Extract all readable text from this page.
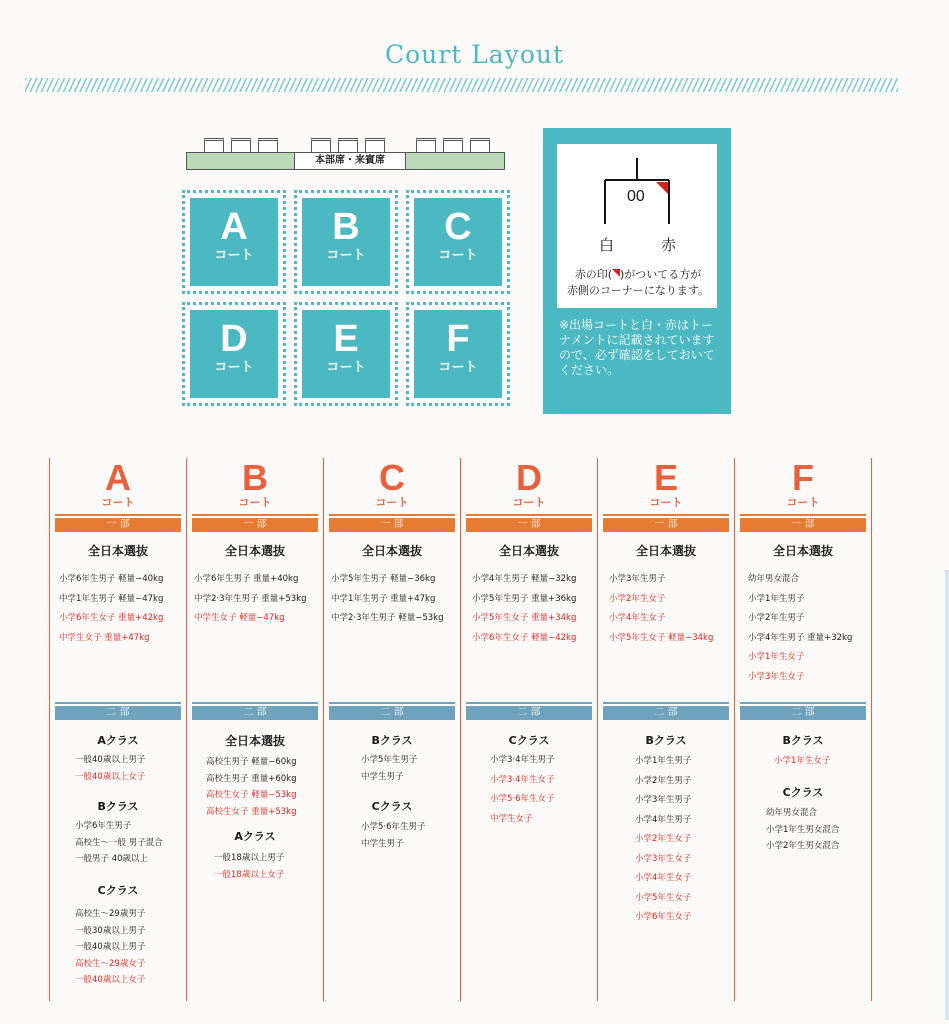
Court Layout
本部席・来賓席
A
コート
B
コート
C
コート
D
コート
E
コート
F
コート
00
白	赤
赤の印( )がついてる方が
赤側のコーナーになります。
※出場コートと白・赤はトーナメントに記載されていますので、必ず確認をしておいてください。
A
コート
一 部
全日本選抜
小学6年生男子 軽量−40kg
中学1年生男子 軽量−47kg
小学6年生女子 重量+42kg
中学生女子 重量+47kg
二 部
Aクラス
一般40歳以上男子
一般40歳以上女子
Bクラス
小学6年生男子
高校生〜一般 男子混合
一般男子 40歳以上
Cクラス
高校生〜29歳男子
一般30歳以上男子
一般40歳以上男子
高校生〜29歳女子
一般40歳以上女子
B
コート
一 部
全日本選抜
小学6年生男子 重量+40kg
中学2·3年生男子 重量+53kg
中学生女子 軽量−47kg
二 部
全日本選抜
高校生男子 軽量−60kg
高校生男子 重量+60kg
高校生女子 軽量−53kg
高校生女子 重量+53kg
Aクラス
一般18歳以上男子
一般18歳以上女子
C
コート
一 部
全日本選抜
小学5年生男子 軽量−36kg
中学1年生男子 重量+47kg
中学2·3年生男子 軽量−53kg
二 部
Bクラス
小学5年生男子
中学生男子
Cクラス
小学5·6年生男子
中学生男子
D
コート
一 部
全日本選抜
小学4年生男子 軽量−32kg
小学5年生男子 重量+36kg
小学5年生女子 重量+34kg
小学6年生女子 軽量−42kg
二 部
Cクラス
小学3·4年生男子
小学3·4年生女子
小学5·6年生女子
中学生女子
E
コート
一 部
全日本選抜
小学3年生男子
小学2年生女子
小学4年生女子
小学5年生女子 軽量−34kg
二 部
Bクラス
小学1年生男子
小学2年生男子
小学3年生男子
小学4年生男子
小学2年生女子
小学3年生女子
小学4年生女子
小学5年生女子
小学6年生女子
F
コート
一 部
全日本選抜
幼年男女混合
小学1年生男子
小学2年生男子
小学4年生男子 重量+32kg
小学1年生女子
小学3年生女子
二 部
Bクラス
小学1年生女子
Cクラス
幼年男女混合
小学1年生男女混合
小学2年生男女混合
